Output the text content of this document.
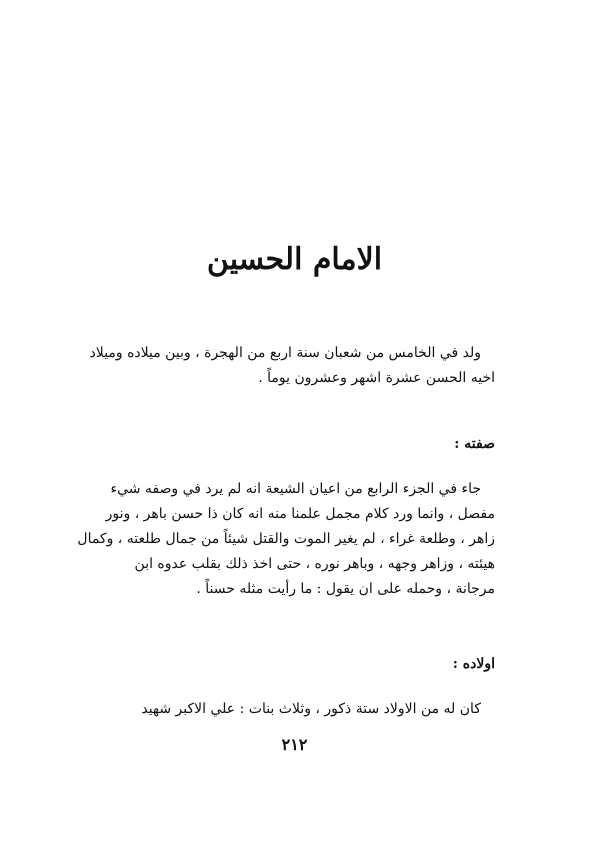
الامام الحسين
ولد في الخامس من شعبان سنة اربع من الهجرة ، وبين ميلاده وميلاد
اخيه الحسن عشرة اشهر وعشرون يوماً .
صفته :
جاء في الجزء الرابع من اعيان الشيعة انه لم يرد في وصفه شيء
مفصل ، وانما ورد كلام مجمل علمنا منه انه كان ذا حسن باهر ، ونور
زاهر ، وطلعة غراء ، لم يغير الموت والقتل شيئاً من جمال طلعته ، وكمال
هيئته ، وزاهر وجهه ، وباهر نوره ، حتى اخذ ذلك بقلب عدوه ابن
مرجانة ، وحمله على ان يقول : ما رأيت مثله حسناً .
اولاده :
كان له من الاولاد ستة ذكور ، وثلاث بنات : علي الاكبر شهيد
٢١٢
